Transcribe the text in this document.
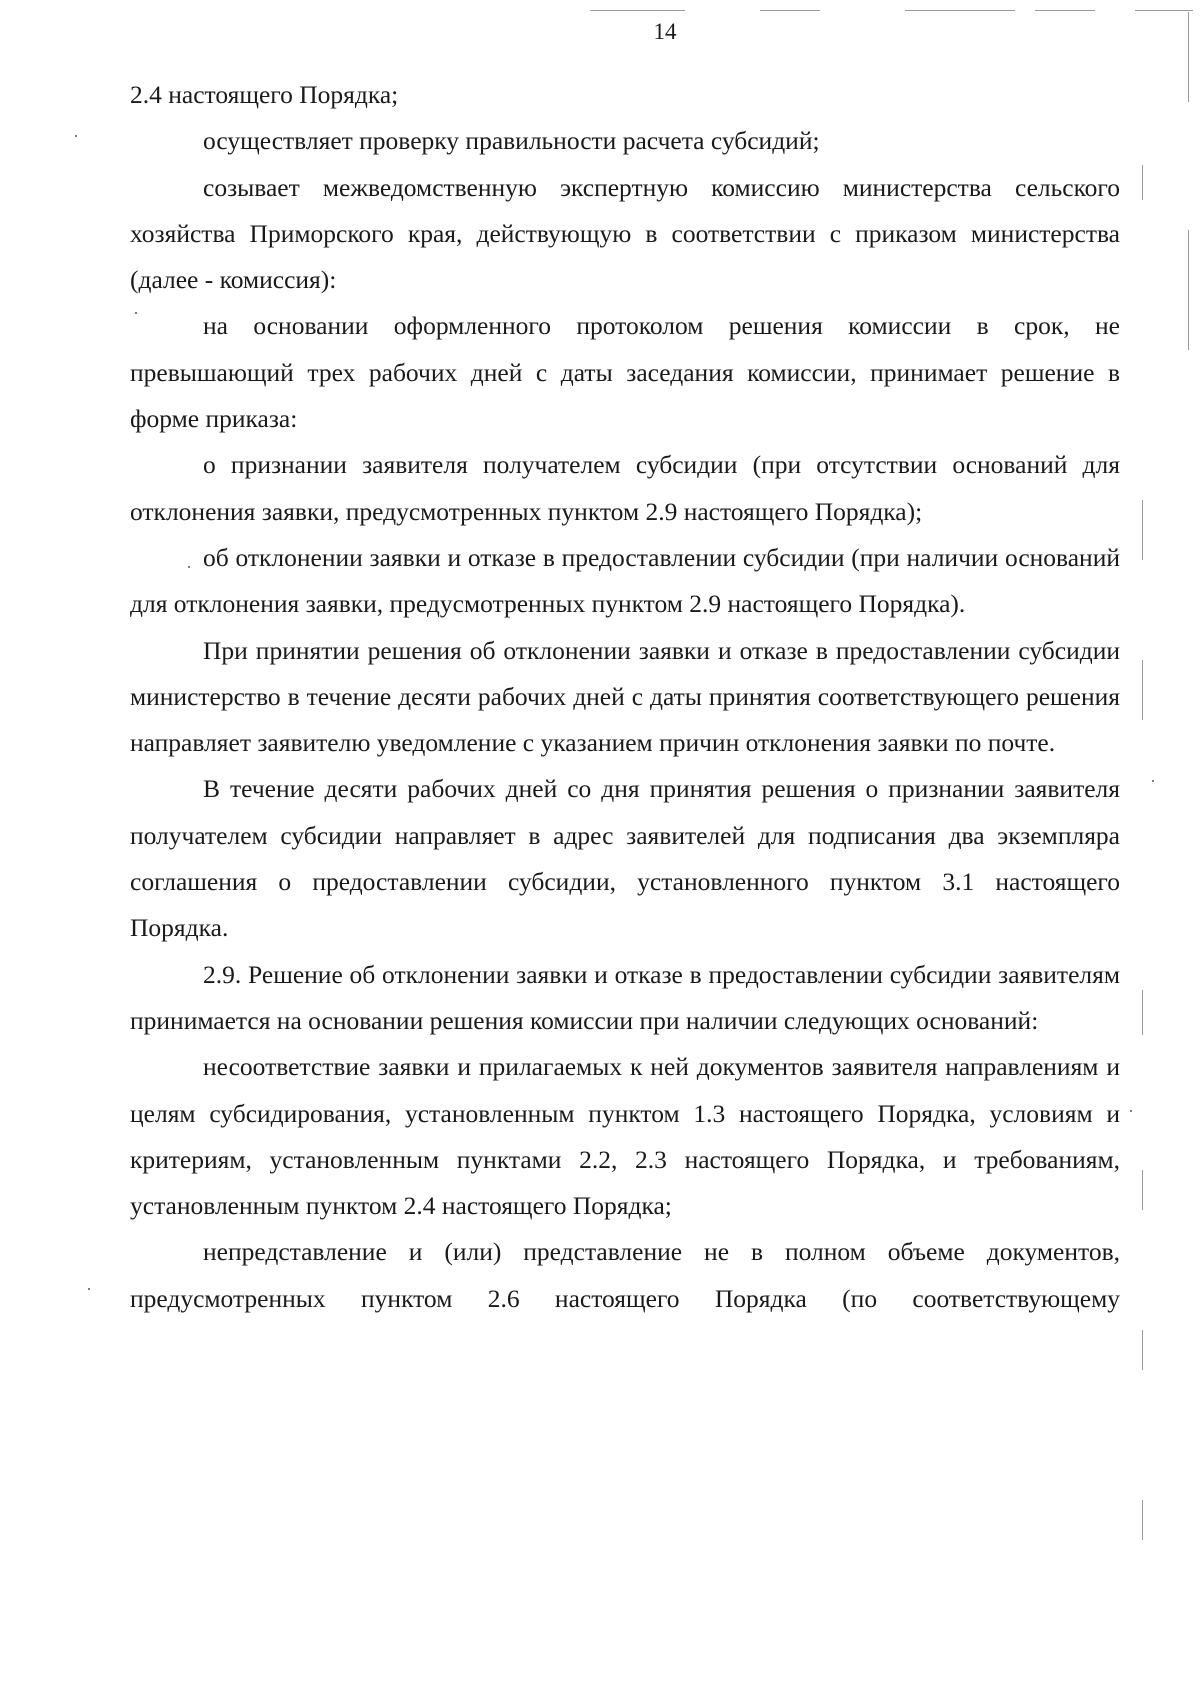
14

2.4 настоящего Порядка;

осуществляет проверку правильности расчета субсидий;

созывает межведомственную экспертную комиссию министерства сельского хозяйства Приморского края, действующую в соответствии с приказом министерства (далее - комиссия):

на основании оформленного протоколом решения комиссии в срок, не превышающий трех рабочих дней с даты заседания комиссии, принимает решение в форме приказа:

о признании заявителя получателем субсидии (при отсутствии оснований для отклонения заявки, предусмотренных пунктом 2.9 настоящего Порядка);

об отклонении заявки и отказе в предоставлении субсидии (при наличии оснований для отклонения заявки, предусмотренных пунктом 2.9 настоящего Порядка).

При принятии решения об отклонении заявки и отказе в предоставлении субсидии министерство в течение десяти рабочих дней с даты принятия соответствующего решения направляет заявителю уведомление с указанием причин отклонения заявки по почте.

В течение десяти рабочих дней со дня принятия решения о признании заявителя получателем субсидии направляет в адрес заявителей для подписания два экземпляра соглашения о предоставлении субсидии, установленного пунктом 3.1 настоящего Порядка.

2.9. Решение об отклонении заявки и отказе в предоставлении субсидии заявителям принимается на основании решения комиссии при наличии следующих оснований:

несоответствие заявки и прилагаемых к ней документов заявителя направлениям и целям субсидирования, установленным пунктом 1.3 настоящего Порядка, условиям и критериям, установленным пунктами 2.2, 2.3 настоящего Порядка, и требованиям, установленным пунктом 2.4 настоящего Порядка;

непредставление и (или) представление не в полном объеме документов, предусмотренных пунктом 2.6 настоящего Порядка (по соответствующему
